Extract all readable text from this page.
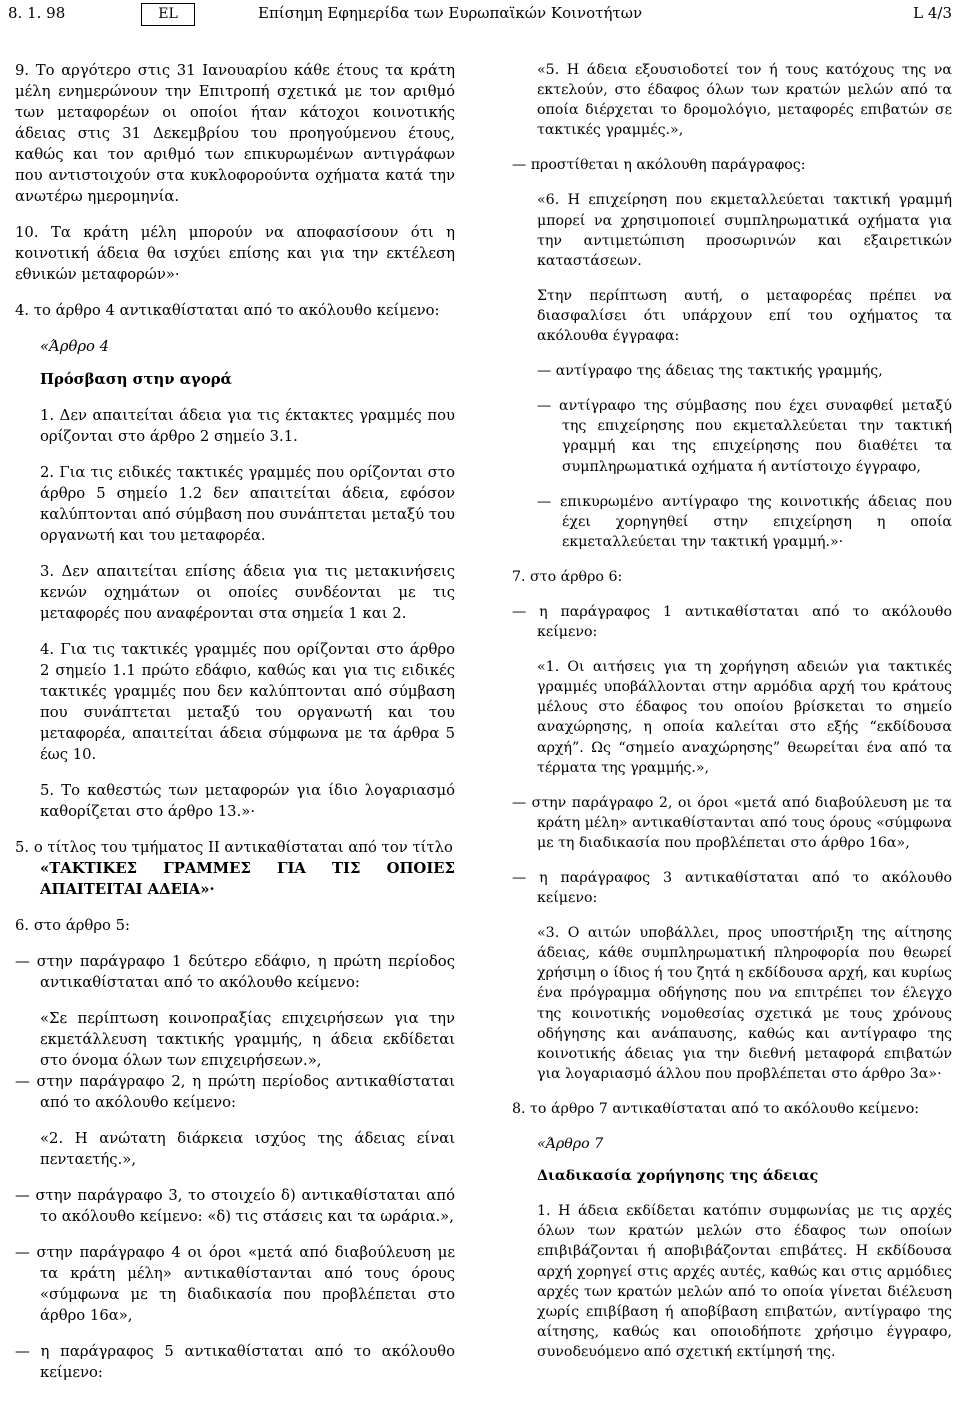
8. 1. 98	EL	Επίσημη Εφημερίδα των Ευρωπαϊκών Κοινοτήτων	L 4/3

9. Το αργότερο στις 31 Ιανουαρίου κάθε έτους τα κράτη μέλη ενημερώνουν την Επιτροπή σχετικά με τον αριθμό των μεταφορέων οι οποίοι ήταν κάτοχοι κοινοτικής άδειας στις 31 Δεκεμβρίου του προηγούμενου έτους, καθώς και τον αριθμό των επικυρωμένων αντιγράφων που αντιστοιχούν στα κυκλοφορούντα οχήματα κατά την ανωτέρω ημερομηνία.

10. Τα κράτη μέλη μπορούν να αποφασίσουν ότι η κοινοτική άδεια θα ισχύει επίσης και για την εκτέλεση εθνικών μεταφορών»·

4. το άρθρο 4 αντικαθίσταται από το ακόλουθο κείμενο:

«Άρθρο 4

Πρόσβαση στην αγορά

1. Δεν απαιτείται άδεια για τις έκτακτες γραμμές που ορίζονται στο άρθρο 2 σημείο 3.1.

2. Για τις ειδικές τακτικές γραμμές που ορίζονται στο άρθρο 5 σημείο 1.2 δεν απαιτείται άδεια, εφόσον καλύπτονται από σύμβαση που συνάπτεται μεταξύ του οργανωτή και του μεταφορέα.

3. Δεν απαιτείται επίσης άδεια για τις μετακινήσεις κενών οχημάτων οι οποίες συνδέονται με τις μεταφορές που αναφέρονται στα σημεία 1 και 2.

4. Για τις τακτικές γραμμές που ορίζονται στο άρθρο 2 σημείο 1.1 πρώτο εδάφιο, καθώς και για τις ειδικές τακτικές γραμμές που δεν καλύπτονται από σύμβαση που συνάπτεται μεταξύ του οργανωτή και του μεταφορέα, απαιτείται άδεια σύμφωνα με τα άρθρα 5 έως 10.

5. Το καθεστώς των μεταφορών για ίδιο λογαριασμό καθορίζεται στο άρθρο 13.»·

5. ο τίτλος του τμήματος ΙΙ αντικαθίσταται από τον τίτλο

«ΤΑΚΤΙΚΕΣ ΓΡΑΜΜΕΣ ΓΙΑ ΤΙΣ ΟΠΟΙΕΣ ΑΠΑΙΤΕΙΤΑΙ ΑΔΕΙΑ»·

6. στο άρθρο 5:

— στην παράγραφο 1 δεύτερο εδάφιο, η πρώτη περίοδος αντικαθίσταται από το ακόλουθο κείμενο:

«Σε περίπτωση κοινοπραξίας επιχειρήσεων για την εκμετάλλευση τακτικής γραμμής, η άδεια εκδίδεται στο όνομα όλων των επιχειρήσεων.»,

— στην παράγραφο 2, η πρώτη περίοδος αντικαθίσταται από το ακόλουθο κείμενο:

«2. Η ανώτατη διάρκεια ισχύος της άδειας είναι πενταετής.»,

— στην παράγραφο 3, το στοιχείο δ) αντικαθίσταται από το ακόλουθο κείμενο: «δ) τις στάσεις και τα ωράρια.»,

— στην παράγραφο 4 οι όροι «μετά από διαβούλευση με τα κράτη μέλη» αντικαθίστανται από τους όρους «σύμφωνα με τη διαδικασία που προβλέπεται στο άρθρο 16α»,

— η παράγραφος 5 αντικαθίσταται από το ακόλουθο κείμενο:

«5. Η άδεια εξουσιοδοτεί τον ή τους κατόχους της να εκτελούν, στο έδαφος όλων των κρατών μελών από τα οποία διέρχεται το δρομολόγιο, μεταφορές επιβατών σε τακτικές γραμμές.»,

— προστίθεται η ακόλουθη παράγραφος:

«6. Η επιχείρηση που εκμεταλλεύεται τακτική γραμμή μπορεί να χρησιμοποιεί συμπληρωματικά οχήματα για την αντιμετώπιση προσωρινών και εξαιρετικών καταστάσεων.

Στην περίπτωση αυτή, ο μεταφορέας πρέπει να διασφαλίσει ότι υπάρχουν επί του οχήματος τα ακόλουθα έγγραφα:

— αντίγραφο της άδειας της τακτικής γραμμής,

— αντίγραφο της σύμβασης που έχει συναφθεί μεταξύ της επιχείρησης που εκμεταλλεύεται την τακτική γραμμή και της επιχείρησης που διαθέτει τα συμπληρωματικά οχήματα ή αντίστοιχο έγγραφο,

— επικυρωμένο αντίγραφο της κοινοτικής άδειας που έχει χορηγηθεί στην επιχείρηση η οποία εκμεταλλεύεται την τακτική γραμμή.»·

7. στο άρθρο 6:

— η παράγραφος 1 αντικαθίσταται από το ακόλουθο κείμενο:

«1. Οι αιτήσεις για τη χορήγηση αδειών για τακτικές γραμμές υποβάλλονται στην αρμόδια αρχή του κράτους μέλους στο έδαφος του οποίου βρίσκεται το σημείο αναχώρησης, η οποία καλείται στο εξής “εκδίδουσα αρχή”. Ως “σημείο αναχώρησης” θεωρείται ένα από τα τέρματα της γραμμής.»,

— στην παράγραφο 2, οι όροι «μετά από διαβούλευση με τα κράτη μέλη» αντικαθίστανται από τους όρους «σύμφωνα με τη διαδικασία που προβλέπεται στο άρθρο 16α»,

— η παράγραφος 3 αντικαθίσταται από το ακόλουθο κείμενο:

«3. Ο αιτών υποβάλλει, προς υποστήριξη της αίτησης άδειας, κάθε συμπληρωματική πληροφορία που θεωρεί χρήσιμη ο ίδιος ή του ζητά η εκδίδουσα αρχή, και κυρίως ένα πρόγραμμα οδήγησης που να επιτρέπει τον έλεγχο της κοινοτικής νομοθεσίας σχετικά με τους χρόνους οδήγησης και ανάπαυσης, καθώς και αντίγραφο της κοινοτικής άδειας για την διεθνή μεταφορά επιβατών για λογαριασμό άλλου που προβλέπεται στο άρθρο 3α»·

8. το άρθρο 7 αντικαθίσταται από το ακόλουθο κείμενο:

«Άρθρο 7

Διαδικασία χορήγησης της άδειας

1. Η άδεια εκδίδεται κατόπιν συμφωνίας με τις αρχές όλων των κρατών μελών στο έδαφος των οποίων επιβιβάζονται ή αποβιβάζονται επιβάτες. Η εκδίδουσα αρχή χορηγεί στις αρχές αυτές, καθώς και στις αρμόδιες αρχές των κρατών μελών από το οποία γίνεται διέλευση χωρίς επιβίβαση ή αποβίβαση επιβατών, αντίγραφο της αίτησης, καθώς και οποιοδήποτε χρήσιμο έγγραφο, συνοδευόμενο από σχετική εκτίμησή της.
